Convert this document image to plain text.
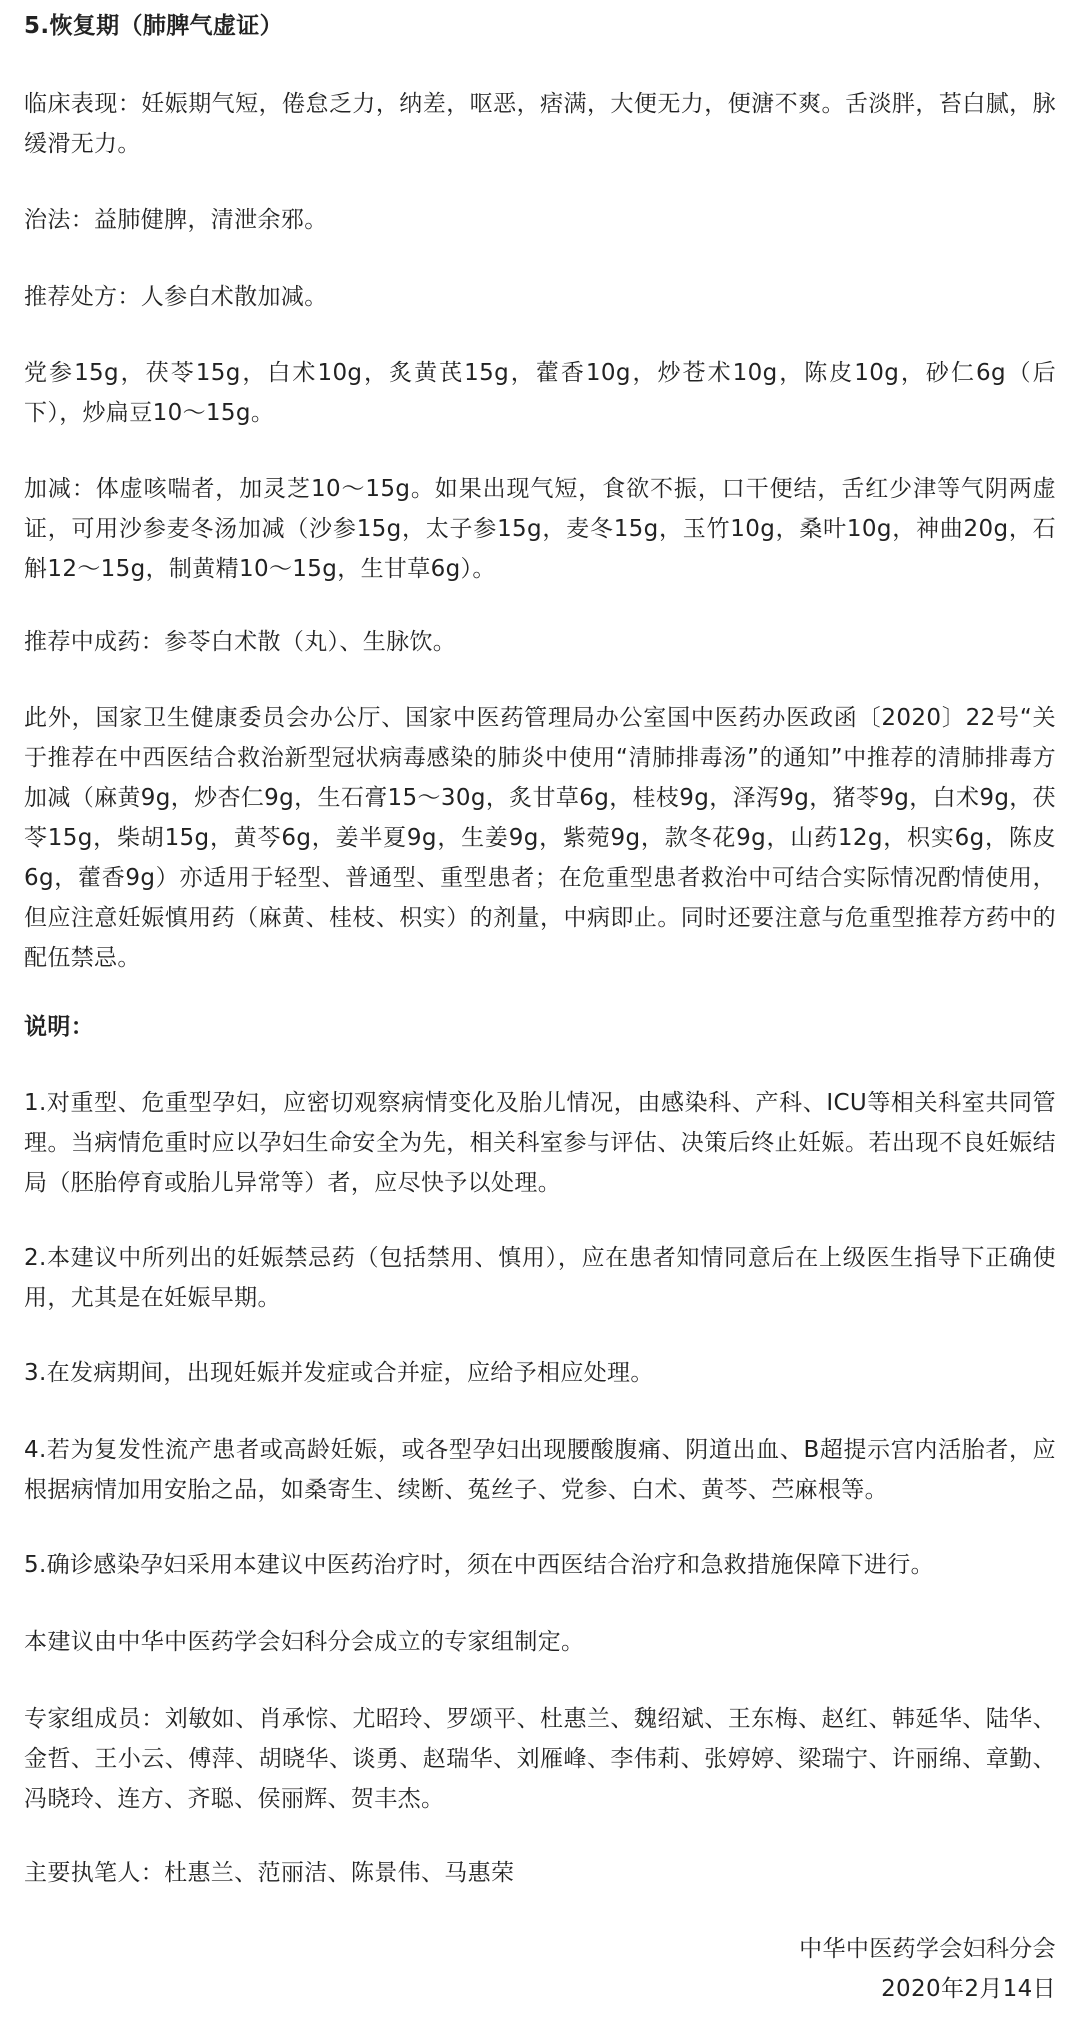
5.恢复期（肺脾气虚证）

临床表现：妊娠期气短，倦怠乏力，纳差，呕恶，痞满，大便无力，便溏不爽。舌淡胖，苔白腻，脉缓滑无力。

治法：益肺健脾，清泄余邪。

推荐处方：人参白术散加减。

党参15g，茯苓15g，白术10g，炙黄芪15g，藿香10g，炒苍术10g，陈皮10g，砂仁6g（后下），炒扁豆10～15g。

加减：体虚咳喘者，加灵芝10～15g。如果出现气短，食欲不振，口干便结，舌红少津等气阴两虚证，可用沙参麦冬汤加减（沙参15g，太子参15g，麦冬15g，玉竹10g，桑叶10g，神曲20g，石斛12～15g，制黄精10～15g，生甘草6g）。

推荐中成药：参苓白术散（丸）、生脉饮。

此外，国家卫生健康委员会办公厅、国家中医药管理局办公室国中医药办医政函〔2020〕22号“关于推荐在中西医结合救治新型冠状病毒感染的肺炎中使用“清肺排毒汤”的通知”中推荐的清肺排毒方加减（麻黄9g，炒杏仁9g，生石膏15～30g，炙甘草6g，桂枝9g，泽泻9g，猪苓9g，白术9g，茯苓15g，柴胡15g，黄芩6g，姜半夏9g，生姜9g，紫菀9g，款冬花9g，山药12g，枳实6g，陈皮6g，藿香9g）亦适用于轻型、普通型、重型患者；在危重型患者救治中可结合实际情况酌情使用，但应注意妊娠慎用药（麻黄、桂枝、枳实）的剂量，中病即止。同时还要注意与危重型推荐方药中的配伍禁忌。

说明：

1.对重型、危重型孕妇，应密切观察病情变化及胎儿情况，由感染科、产科、ICU等相关科室共同管理。当病情危重时应以孕妇生命安全为先，相关科室参与评估、决策后终止妊娠。若出现不良妊娠结局（胚胎停育或胎儿异常等）者，应尽快予以处理。

2.本建议中所列出的妊娠禁忌药（包括禁用、慎用），应在患者知情同意后在上级医生指导下正确使用，尤其是在妊娠早期。

3.在发病期间，出现妊娠并发症或合并症，应给予相应处理。

4.若为复发性流产患者或高龄妊娠，或各型孕妇出现腰酸腹痛、阴道出血、B超提示宫内活胎者，应根据病情加用安胎之品，如桑寄生、续断、菟丝子、党参、白术、黄芩、苎麻根等。

5.确诊感染孕妇采用本建议中医药治疗时，须在中西医结合治疗和急救措施保障下进行。

本建议由中华中医药学会妇科分会成立的专家组制定。

专家组成员：刘敏如、肖承悰、尤昭玲、罗颂平、杜惠兰、魏绍斌、王东梅、赵红、韩延华、陆华、金哲、王小云、傅萍、胡晓华、谈勇、赵瑞华、刘雁峰、李伟莉、张婷婷、梁瑞宁、许丽绵、章勤、冯晓玲、连方、齐聪、侯丽辉、贺丰杰。

主要执笔人：杜惠兰、范丽洁、陈景伟、马惠荣

中华中医药学会妇科分会

2020年2月14日
